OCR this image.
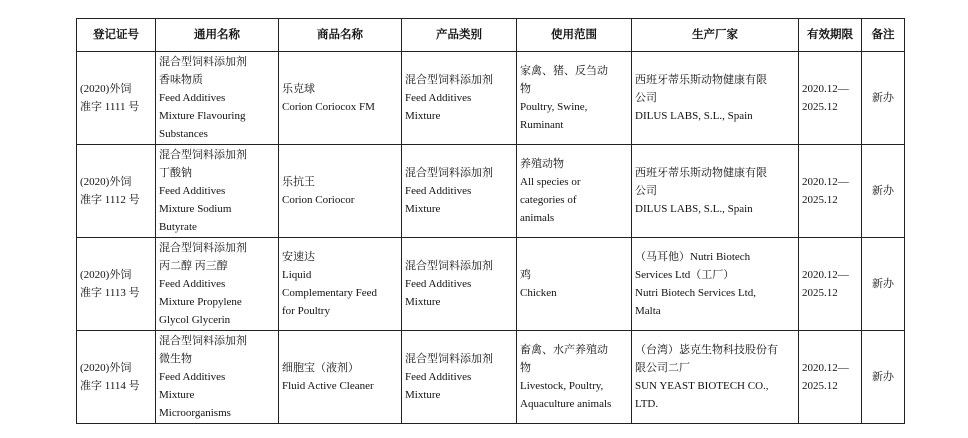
登记证号	通用名称	商品名称	产品类别	使用范围	生产厂家	有效期限	备注

(2020)外饲
准字 1111 号	混合型饲料添加剂
香味物质
Feed Additives
Mixture Flavouring
Substances	乐克球
Corion Coriocox FM	混合型饲料添加剂
Feed Additives
Mixture	家禽、猪、反刍动
物
Poultry, Swine,
Ruminant	西班牙蒂乐斯动物健康有限
公司
DILUS LABS, S.L., Spain	2020.12—
2025.12	新办

(2020)外饲
准字 1112 号	混合型饲料添加剂
丁酸钠
Feed Additives
Mixture Sodium
Butyrate	乐抗王
Corion Coriocor	混合型饲料添加剂
Feed Additives
Mixture	养殖动物
All species or
categories of
animals	西班牙蒂乐斯动物健康有限
公司
DILUS LABS, S.L., Spain	2020.12—
2025.12	新办

(2020)外饲
准字 1113 号	混合型饲料添加剂
丙二醇 丙三醇
Feed Additives
Mixture Propylene
Glycol Glycerin	安速达
Liquid
Complementary Feed
for Poultry	混合型饲料添加剂
Feed Additives
Mixture	鸡
Chicken	（马耳他）Nutri Biotech
Services Ltd（工厂）
Nutri Biotech Services Ltd,
Malta	2020.12—
2025.12	新办

(2020)外饲
准字 1114 号	混合型饲料添加剂
微生物
Feed Additives
Mixture
Microorganisms	细胞宝（液剂）
Fluid Active Cleaner	混合型饲料添加剂
Feed Additives
Mixture	畜禽、水产养殖动
物
Livestock, Poultry,
Aquaculture animals	（台湾）毖克生物科技股份有
限公司二厂
SUN YEAST BIOTECH CO.,
LTD.	2020.12—
2025.12	新办
